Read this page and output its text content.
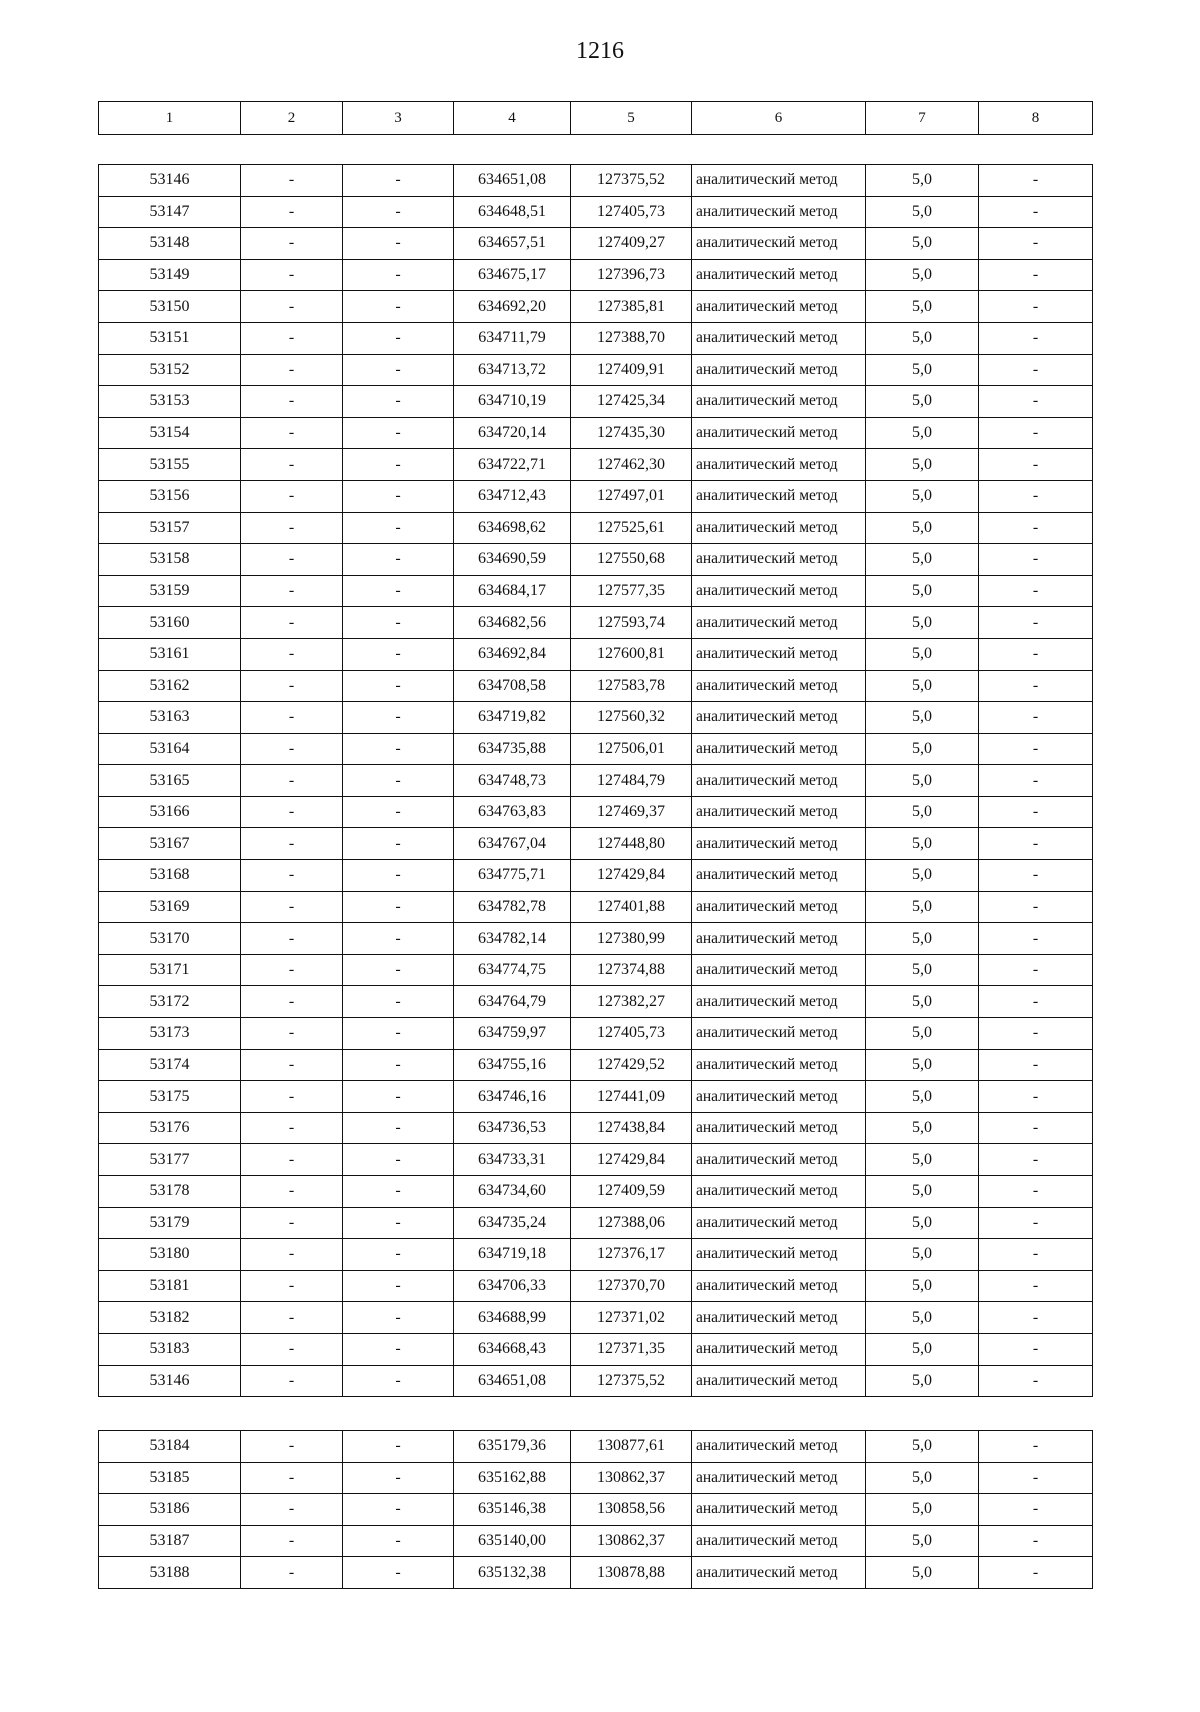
1216
1	2	3	4	5	6	7	8
53146	-	-	634651,08	127375,52	аналитический метод	5,0	-
53147	-	-	634648,51	127405,73	аналитический метод	5,0	-
53148	-	-	634657,51	127409,27	аналитический метод	5,0	-
53149	-	-	634675,17	127396,73	аналитический метод	5,0	-
53150	-	-	634692,20	127385,81	аналитический метод	5,0	-
53151	-	-	634711,79	127388,70	аналитический метод	5,0	-
53152	-	-	634713,72	127409,91	аналитический метод	5,0	-
53153	-	-	634710,19	127425,34	аналитический метод	5,0	-
53154	-	-	634720,14	127435,30	аналитический метод	5,0	-
53155	-	-	634722,71	127462,30	аналитический метод	5,0	-
53156	-	-	634712,43	127497,01	аналитический метод	5,0	-
53157	-	-	634698,62	127525,61	аналитический метод	5,0	-
53158	-	-	634690,59	127550,68	аналитический метод	5,0	-
53159	-	-	634684,17	127577,35	аналитический метод	5,0	-
53160	-	-	634682,56	127593,74	аналитический метод	5,0	-
53161	-	-	634692,84	127600,81	аналитический метод	5,0	-
53162	-	-	634708,58	127583,78	аналитический метод	5,0	-
53163	-	-	634719,82	127560,32	аналитический метод	5,0	-
53164	-	-	634735,88	127506,01	аналитический метод	5,0	-
53165	-	-	634748,73	127484,79	аналитический метод	5,0	-
53166	-	-	634763,83	127469,37	аналитический метод	5,0	-
53167	-	-	634767,04	127448,80	аналитический метод	5,0	-
53168	-	-	634775,71	127429,84	аналитический метод	5,0	-
53169	-	-	634782,78	127401,88	аналитический метод	5,0	-
53170	-	-	634782,14	127380,99	аналитический метод	5,0	-
53171	-	-	634774,75	127374,88	аналитический метод	5,0	-
53172	-	-	634764,79	127382,27	аналитический метод	5,0	-
53173	-	-	634759,97	127405,73	аналитический метод	5,0	-
53174	-	-	634755,16	127429,52	аналитический метод	5,0	-
53175	-	-	634746,16	127441,09	аналитический метод	5,0	-
53176	-	-	634736,53	127438,84	аналитический метод	5,0	-
53177	-	-	634733,31	127429,84	аналитический метод	5,0	-
53178	-	-	634734,60	127409,59	аналитический метод	5,0	-
53179	-	-	634735,24	127388,06	аналитический метод	5,0	-
53180	-	-	634719,18	127376,17	аналитический метод	5,0	-
53181	-	-	634706,33	127370,70	аналитический метод	5,0	-
53182	-	-	634688,99	127371,02	аналитический метод	5,0	-
53183	-	-	634668,43	127371,35	аналитический метод	5,0	-
53146	-	-	634651,08	127375,52	аналитический метод	5,0	-
53184	-	-	635179,36	130877,61	аналитический метод	5,0	-
53185	-	-	635162,88	130862,37	аналитический метод	5,0	-
53186	-	-	635146,38	130858,56	аналитический метод	5,0	-
53187	-	-	635140,00	130862,37	аналитический метод	5,0	-
53188	-	-	635132,38	130878,88	аналитический метод	5,0	-
